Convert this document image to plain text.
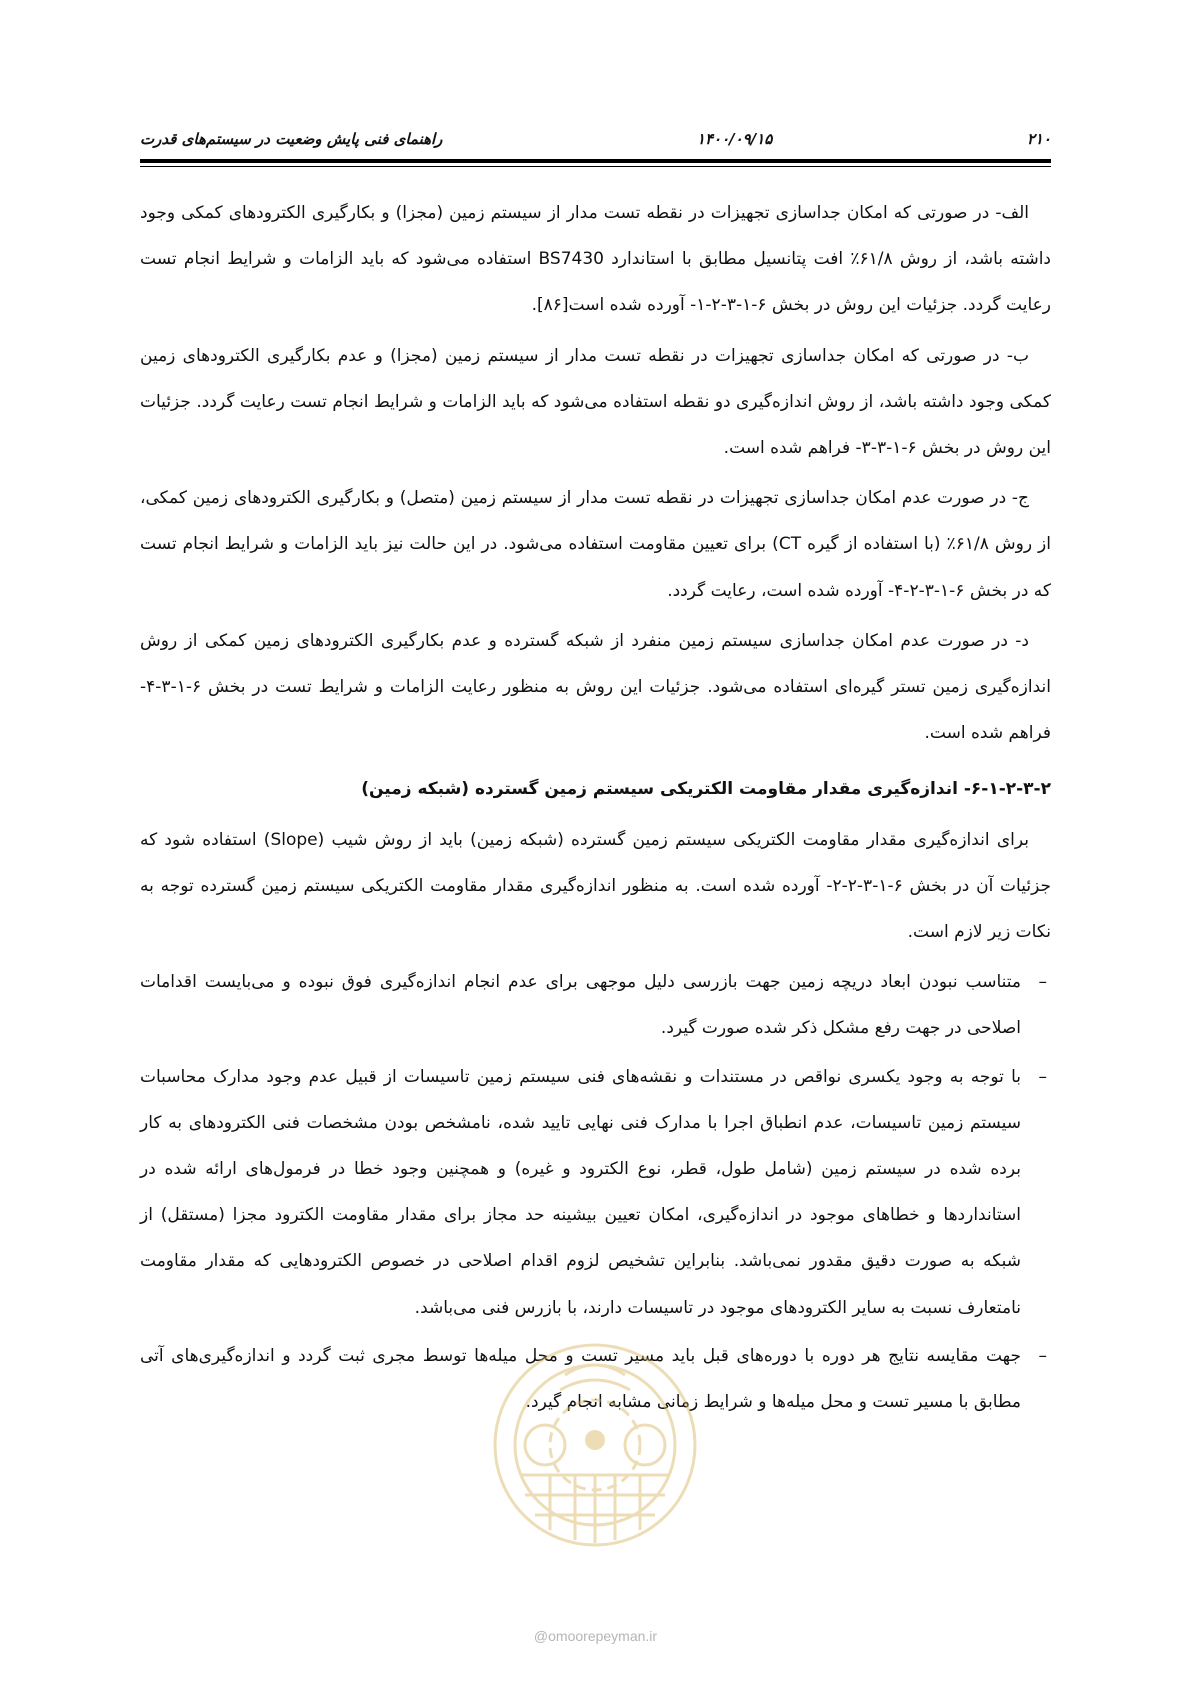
راهنمای فنی پایش وضعیت در سیستم‌های قدرت	۱۴۰۰/۰۹/۱۵	۲۱۰

الف- در صورتی که امکان جداسازی تجهیزات در نقطه تست مدار از سیستم زمین (مجزا) و بکارگیری الکترودهای کمکی وجود داشته باشد، از روش ۶۱/۸٪ افت پتانسیل مطابق با استاندارد BS7430 استفاده می‌شود که باید الزامات و شرایط انجام تست رعایت گردد. جزئیات این روش در بخش ۶-۱-۳-۲-۱- آورده شده است[۸۶].

ب- در صورتی که امکان جداسازی تجهیزات در نقطه تست مدار از سیستم زمین (مجزا) و عدم بکارگیری الکترودهای زمین کمکی وجود داشته باشد، از روش اندازه‌گیری دو نقطه استفاده می‌شود که باید الزامات و شرایط انجام تست رعایت گردد. جزئیات این روش در بخش ۶-۱-۳-۳- فراهم شده است.

ج- در صورت عدم امکان جداسازی تجهیزات در نقطه تست مدار از سیستم زمین (متصل) و بکارگیری الکترودهای زمین کمکی، از روش ۶۱/۸٪ (با استفاده از گیره CT) برای تعیین مقاومت استفاده می‌شود. در این حالت نیز باید الزامات و شرایط انجام تست که در بخش ۶-۱-۳-۲-۴- آورده شده است، رعایت گردد.

د- در صورت عدم امکان جداسازی سیستم زمین منفرد از شبکه گسترده و عدم بکارگیری الکترودهای زمین کمکی از روش اندازه‌گیری زمین تستر گیره‌ای استفاده می‌شود. جزئیات این روش به منظور رعایت الزامات و شرایط تست در بخش ۶-۱-۳-۴- فراهم شده است.

۶-۱-۲-۳-۲- اندازه‌گیری مقدار مقاومت الکتریکی سیستم زمین گسترده (شبکه زمین)

برای اندازه‌گیری مقدار مقاومت الکتریکی سیستم زمین گسترده (شبکه زمین) باید از روش شیب (Slope) استفاده شود که جزئیات آن در بخش ۶-۱-۳-۲-۲- آورده شده است. به منظور اندازه‌گیری مقدار مقاومت الکتریکی سیستم زمین گسترده توجه به نکات زیر لازم است.

–
متناسب نبودن ابعاد دریچه زمین جهت بازرسی دلیل موجهی برای عدم انجام اندازه‌گیری فوق نبوده و می‌بایست اقدامات اصلاحی در جهت رفع مشکل ذکر شده صورت گیرد.
–
با توجه به وجود یکسری نواقص در مستندات و نقشه‌های فنی سیستم زمین تاسیسات از قبیل عدم وجود مدارک محاسبات سیستم زمین تاسیسات، عدم انطباق اجرا با مدارک فنی نهایی تایید شده، نامشخص بودن مشخصات فنی الکترودهای به کار برده شده در سیستم زمین (شامل طول، قطر، نوع الکترود و غیره) و همچنین وجود خطا در فرمول‌های ارائه شده در استانداردها و خطاهای موجود در اندازه‌گیری، امکان تعیین بیشینه حد مجاز برای مقدار مقاومت الکترود مجزا (مستقل) از شبکه به صورت دقیق مقدور نمی‌باشد. بنابراین تشخیص لزوم اقدام اصلاحی در خصوص الکترودهایی که مقدار مقاومت نامتعارف نسبت به سایر الکترودهای موجود در تاسیسات دارند، با بازرس فنی می‌باشد.
–
جهت مقایسه نتایج هر دوره با دوره‌های قبل باید مسیر تست و محل میله‌ها توسط مجری ثبت گردد و اندازه‌گیری‌های آتی مطابق با مسیر تست و محل میله‌ها و شرایط زمانی مشابه انجام گیرد.
@omoorepeyman.ir
